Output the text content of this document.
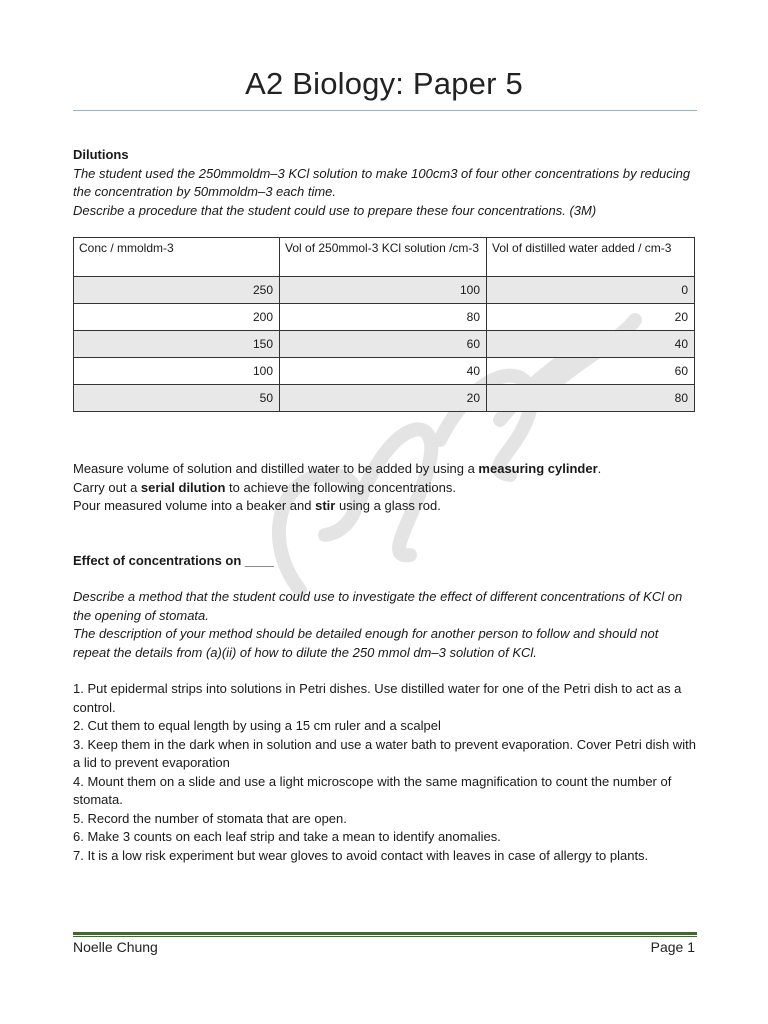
A2 Biology: Paper 5

Dilutions

The student used the 250mmoldm–3 KCl solution to make 100cm3 of four other concentrations by reducing the concentration by 50mmoldm–3 each time.

Describe a procedure that the student could use to prepare these four concentrations. (3M)

Conc / mmoldm-3	Vol of 250mmol-3 KCl solution /cm-3	Vol of distilled water added / cm-3
250	100	0
200	80	20
150	60	40
100	40	60
50	20	80

Measure volume of solution and distilled water to be added by using a measuring cylinder.

Carry out a serial dilution to achieve the following concentrations.

Pour measured volume into a beaker and stir using a glass rod.

Effect of concentrations on ____

Describe a method that the student could use to investigate the effect of different concentrations of KCl on the opening of stomata.

The description of your method should be detailed enough for another person to follow and should not repeat the details from (a)(ii) of how to dilute the 250 mmol dm–3 solution of KCl.

1. Put epidermal strips into solutions in Petri dishes. Use distilled water for one of the Petri dish to act as a control.

2. Cut them to equal length by using a 15 cm ruler and a scalpel

3. Keep them in the dark when in solution and use a water bath to prevent evaporation. Cover Petri dish with a lid to prevent evaporation

4. Mount them on a slide and use a light microscope with the same magnification to count the number of stomata.

5. Record the number of stomata that are open.

6. Make 3 counts on each leaf strip and take a mean to identify anomalies.

7. It is a low risk experiment but wear gloves to avoid contact with leaves in case of allergy to plants.

Noelle Chung	Page 1
